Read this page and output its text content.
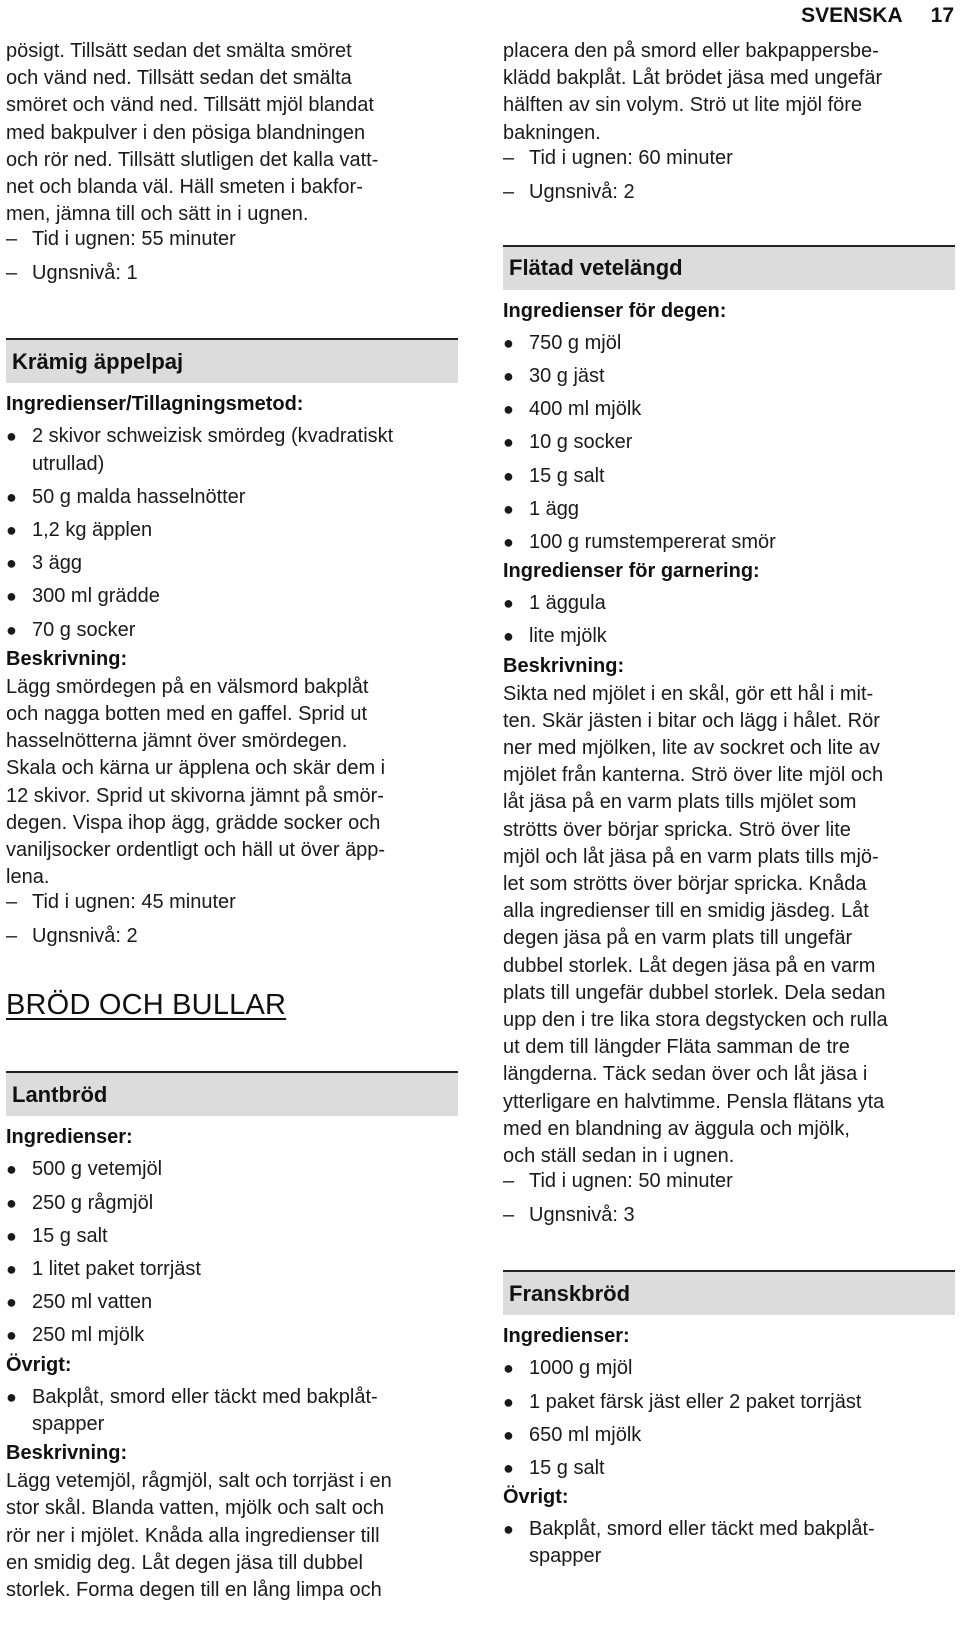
SVENSKA 17

pösigt. Tillsätt sedan det smälta smöret
och vänd ned. Tillsätt sedan det smälta
smöret och vänd ned. Tillsätt mjöl blandat
med bakpulver i den pösiga blandningen
och rör ned. Tillsätt slutligen det kalla vatt-
net och blanda väl. Häll smeten i bakfor-
men, jämna till och sätt in i ugnen.

– Tid i ugnen: 55 minuter
– Ugnsnivå: 1
Krämig äppelpaj
Ingredienser/Tillagningsmetod:
● 2 skivor schweizisk smördeg (kvadratiskt
utrullad)
● 50 g malda hasselnötter
● 1,2 kg äpplen
● 3 ägg
● 300 ml grädde
● 70 g socker
Beskrivning:

Lägg smördegen på en välsmord bakplåt
och nagga botten med en gaffel. Sprid ut
hasselnötterna jämnt över smördegen.
Skala och kärna ur äpplena och skär dem i
12 skivor. Sprid ut skivorna jämnt på smör-
degen. Vispa ihop ägg, grädde socker och
vaniljsocker ordentligt och häll ut över äpp-
lena.

– Tid i ugnen: 45 minuter
– Ugnsnivå: 2
BRÖD OCH BULLAR
Lantbröd
Ingredienser:
● 500 g vetemjöl
● 250 g rågmjöl
● 15 g salt
● 1 litet paket torrjäst
● 250 ml vatten
● 250 ml mjölk
Övrigt:
● Bakplåt, smord eller täckt med bakplåt-
spapper
Beskrivning:

Lägg vetemjöl, rågmjöl, salt och torrjäst i en
stor skål. Blanda vatten, mjölk och salt och
rör ner i mjölet. Knåda alla ingredienser till
en smidig deg. Låt degen jäsa till dubbel
storlek. Forma degen till en lång limpa och

placera den på smord eller bakpappersbe-
klädd bakplåt. Låt brödet jäsa med ungefär
hälften av sin volym. Strö ut lite mjöl före
bakningen.

– Tid i ugnen: 60 minuter
– Ugnsnivå: 2
Flätad vetelängd
Ingredienser för degen:
● 750 g mjöl
● 30 g jäst
● 400 ml mjölk
● 10 g socker
● 15 g salt
● 1 ägg
● 100 g rumstempererat smör
Ingredienser för garnering:
● 1 äggula
● lite mjölk
Beskrivning:

Sikta ned mjölet i en skål, gör ett hål i mit-
ten. Skär jästen i bitar och lägg i hålet. Rör
ner med mjölken, lite av sockret och lite av
mjölet från kanterna. Strö över lite mjöl och
låt jäsa på en varm plats tills mjölet som
strötts över börjar spricka. Strö över lite
mjöl och låt jäsa på en varm plats tills mjö-
let som strötts över börjar spricka. Knåda
alla ingredienser till en smidig jäsdeg. Låt
degen jäsa på en varm plats till ungefär
dubbel storlek. Låt degen jäsa på en varm
plats till ungefär dubbel storlek. Dela sedan
upp den i tre lika stora degstycken och rulla
ut dem till längder Fläta samman de tre
längderna. Täck sedan över och låt jäsa i
ytterligare en halvtimme. Pensla flätans yta
med en blandning av äggula och mjölk,
och ställ sedan in i ugnen.

– Tid i ugnen: 50 minuter
– Ugnsnivå: 3
Franskbröd
Ingredienser:
● 1000 g mjöl
● 1 paket färsk jäst eller 2 paket torrjäst
● 650 ml mjölk
● 15 g salt
Övrigt:
● Bakplåt, smord eller täckt med bakplåt-
spapper
